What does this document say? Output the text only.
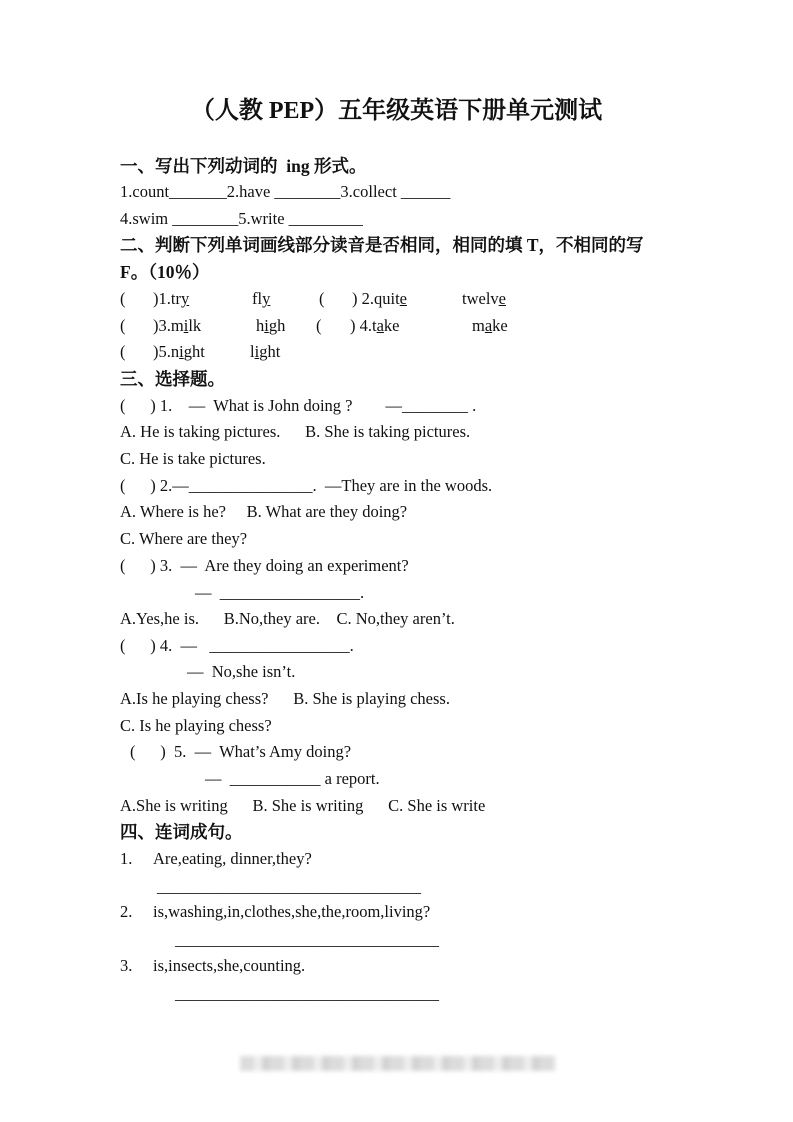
（人教 PEP）五年级英语下册单元测试
一、写出下列动词的  ing 形式。
1.count_______2.have ________3.collect ______
4.swim ________5.write _________
二、判断下列单词画线部分读音是否相同，相同的填 T，不相同的写
F。（10％）
( )1.try	fly	( ) 2.quite	twelve
( )3.milk	high ( ) 4.take	make
( )5.night	light
三、选择题。
(      ) 1.    —  What is John doing ?        —________ .
A. He is taking pictures.      B. She is taking pictures.
C. He is take pictures.
(      ) 2.—_______________.  —They are in the woods.
A. Where is he?     B. What are they doing?
C. Where are they?
(      ) 3.  —  Are they doing an experiment?
—  _________________.
A.Yes,he is.      B.No,they are.    C. No,they aren’t.
(      ) 4.  —   _________________.
—  No,she isn’t.
A.Is he playing chess?      B. She is playing chess.
C. Is he playing chess?
(      )  5.  —  What’s Amy doing?
—  ___________ a report.
A.She is writing      B. She is writing      C. She is write
四、连词成句。
1. Are,eating, dinner,they?
________________________________
2. is,washing,in,clothes,she,the,room,living?
________________________________
3. is,insects,she,counting.
________________________________
